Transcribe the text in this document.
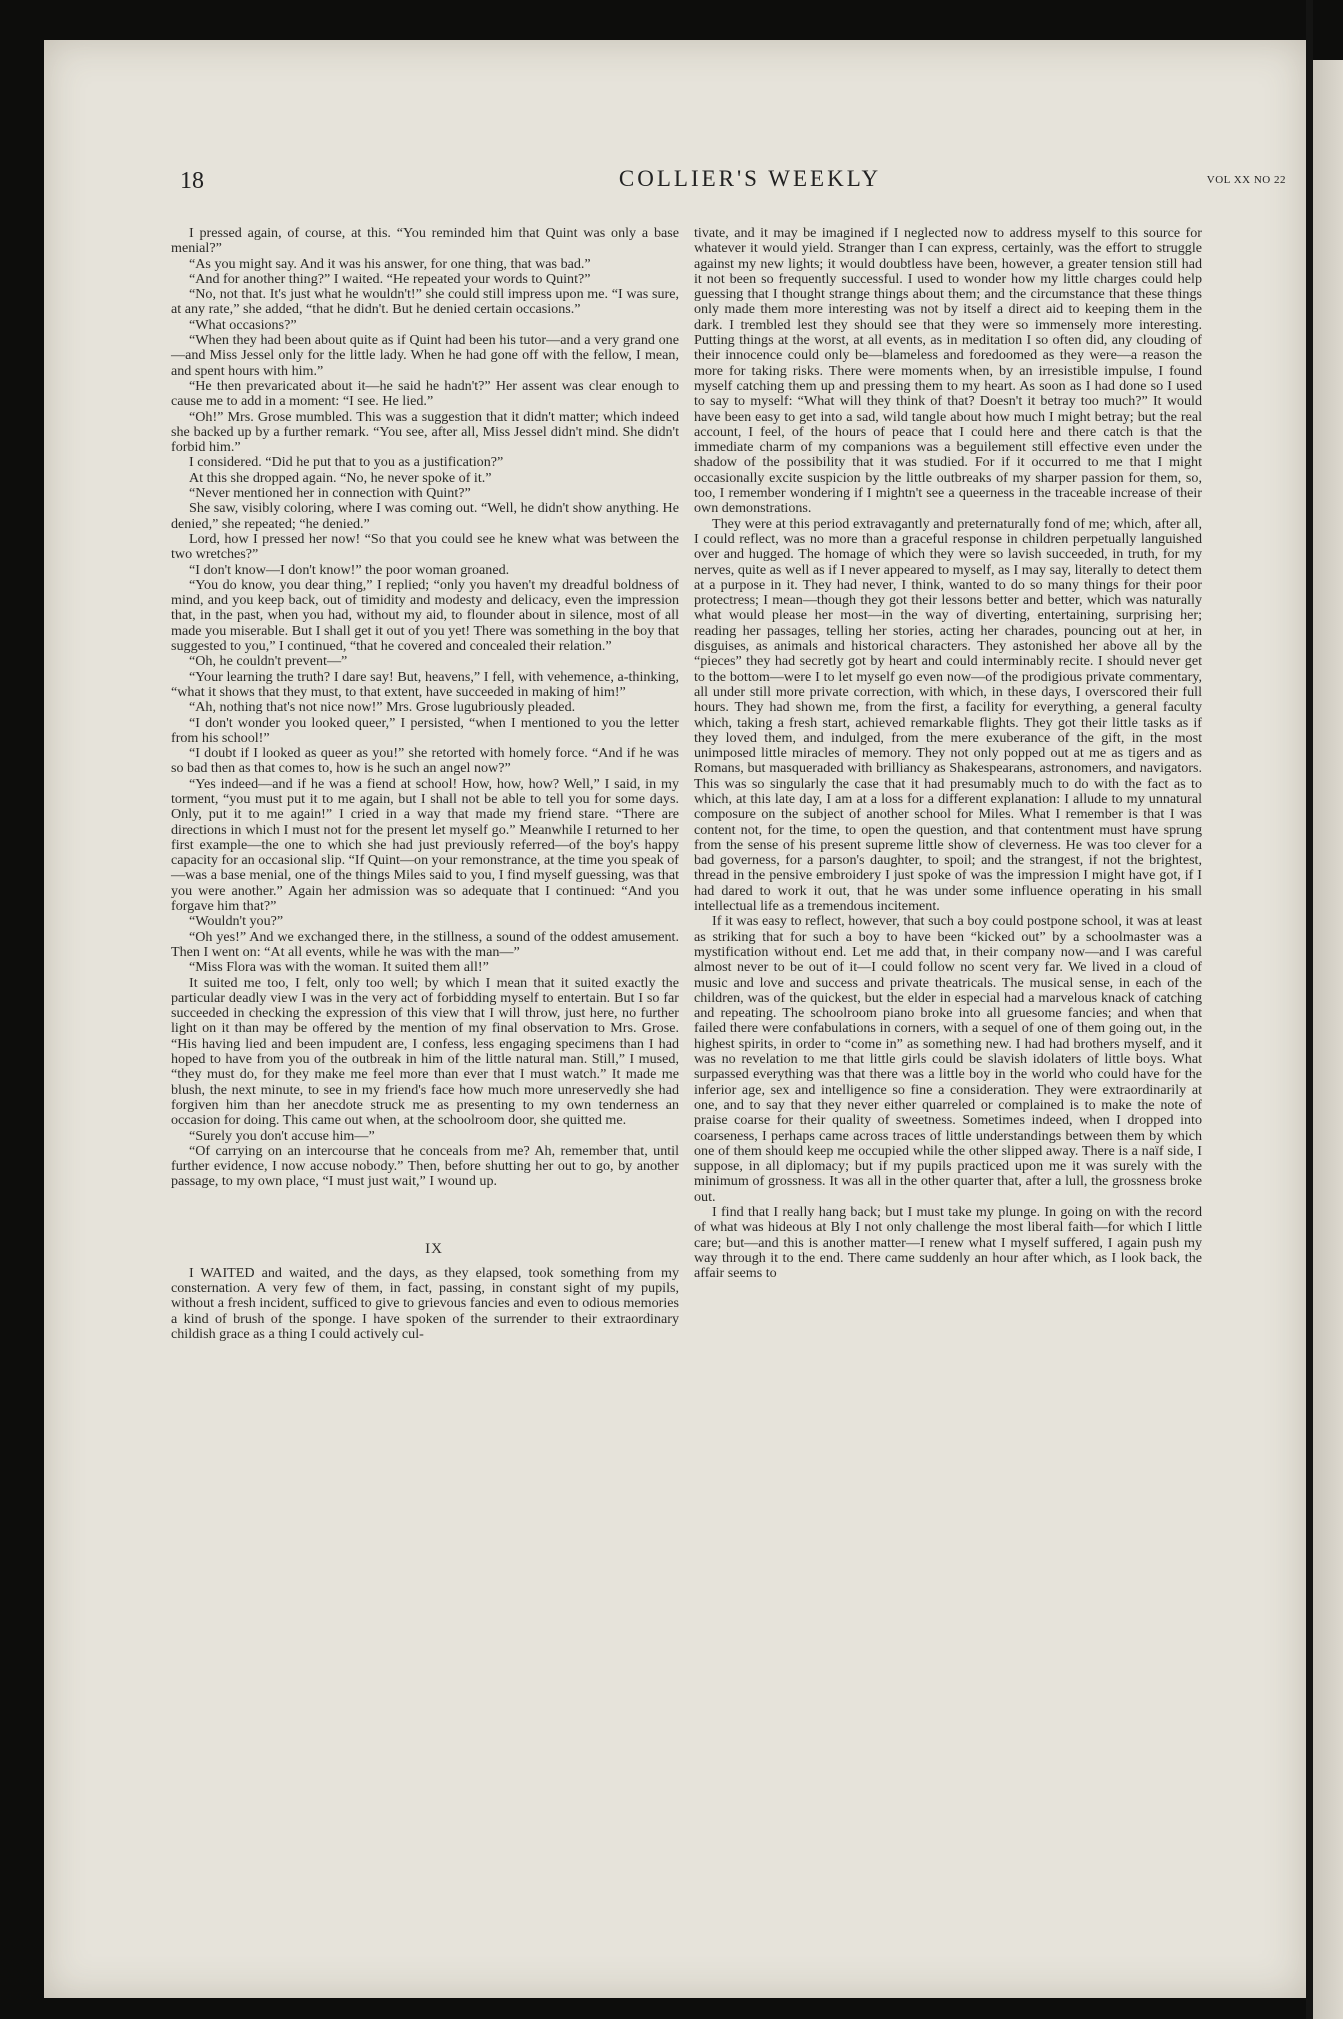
18	COLLIER'S WEEKLY	VOL XX NO 22

I pressed again, of course, at this. “You reminded him that Quint was only a base menial?”

“As you might say. And it was his answer, for one thing, that was bad.”

“And for another thing?” I waited. “He repeated your words to Quint?”

“No, not that. It's just what he wouldn't!” she could still impress upon me. “I was sure, at any rate,” she added, “that he didn't. But he denied certain occasions.”

“What occasions?”

“When they had been about quite as if Quint had been his tutor—and a very grand one—and Miss Jessel only for the little lady. When he had gone off with the fellow, I mean, and spent hours with him.”

“He then prevaricated about it—he said he hadn't?” Her assent was clear enough to cause me to add in a moment: “I see. He lied.”

“Oh!” Mrs. Grose mumbled. This was a suggestion that it didn't matter; which indeed she backed up by a further remark. “You see, after all, Miss Jessel didn't mind. She didn't forbid him.”

I considered. “Did he put that to you as a justification?”

At this she dropped again. “No, he never spoke of it.”

“Never mentioned her in connection with Quint?”

She saw, visibly coloring, where I was coming out. “Well, he didn't show anything. He denied,” she repeated; “he denied.”

Lord, how I pressed her now! “So that you could see he knew what was between the two wretches?”

“I don't know—I don't know!” the poor woman groaned.

“You do know, you dear thing,” I replied; “only you haven't my dreadful boldness of mind, and you keep back, out of timidity and modesty and delicacy, even the impression that, in the past, when you had, without my aid, to flounder about in silence, most of all made you miserable. But I shall get it out of you yet! There was something in the boy that suggested to you,” I continued, “that he covered and concealed their relation.”

“Oh, he couldn't prevent—”

“Your learning the truth? I dare say! But, heavens,” I fell, with vehemence, a-thinking, “what it shows that they must, to that extent, have succeeded in making of him!”

“Ah, nothing that's not nice now!” Mrs. Grose lugubriously pleaded.

“I don't wonder you looked queer,” I persisted, “when I mentioned to you the letter from his school!”

“I doubt if I looked as queer as you!” she retorted with homely force. “And if he was so bad then as that comes to, how is he such an angel now?”

“Yes indeed—and if he was a fiend at school! How, how, how? Well,” I said, in my torment, “you must put it to me again, but I shall not be able to tell you for some days. Only, put it to me again!” I cried in a way that made my friend stare. “There are directions in which I must not for the present let myself go.” Meanwhile I returned to her first example—the one to which she had just previously referred—of the boy's happy capacity for an occasional slip. “If Quint—on your remonstrance, at the time you speak of—was a base menial, one of the things Miles said to you, I find myself guessing, was that you were another.” Again her admission was so adequate that I continued: “And you forgave him that?”

“Wouldn't you?”

“Oh yes!” And we exchanged there, in the stillness, a sound of the oddest amusement. Then I went on: “At all events, while he was with the man—”

“Miss Flora was with the woman. It suited them all!”

It suited me too, I felt, only too well; by which I mean that it suited exactly the particular deadly view I was in the very act of forbidding myself to entertain. But I so far succeeded in checking the expression of this view that I will throw, just here, no further light on it than may be offered by the mention of my final observation to Mrs. Grose. “His having lied and been impudent are, I confess, less engaging specimens than I had hoped to have from you of the outbreak in him of the little natural man. Still,” I mused, “they must do, for they make me feel more than ever that I must watch.” It made me blush, the next minute, to see in my friend's face how much more unreservedly she had forgiven him than her anecdote struck me as presenting to my own tenderness an occasion for doing. This came out when, at the schoolroom door, she quitted me.

“Surely you don't accuse him—”

“Of carrying on an intercourse that he conceals from me? Ah, remember that, until further evidence, I now accuse nobody.” Then, before shutting her out to go, by another passage, to my own place, “I must just wait,” I wound up.

IX

I WAITED and waited, and the days, as they elapsed, took something from my consternation. A very few of them, in fact, passing, in constant sight of my pupils, without a fresh incident, sufficed to give to grievous fancies and even to odious memories a kind of brush of the sponge. I have spoken of the surrender to their extraordinary childish grace as a thing I could actively cul-

tivate, and it may be imagined if I neglected now to address myself to this source for whatever it would yield. Stranger than I can express, certainly, was the effort to struggle against my new lights; it would doubtless have been, however, a greater tension still had it not been so frequently successful. I used to wonder how my little charges could help guessing that I thought strange things about them; and the circumstance that these things only made them more interesting was not by itself a direct aid to keeping them in the dark. I trembled lest they should see that they were so immensely more interesting. Putting things at the worst, at all events, as in meditation I so often did, any clouding of their innocence could only be—blameless and foredoomed as they were—a reason the more for taking risks. There were moments when, by an irresistible impulse, I found myself catching them up and pressing them to my heart. As soon as I had done so I used to say to myself: “What will they think of that? Doesn't it betray too much?” It would have been easy to get into a sad, wild tangle about how much I might betray; but the real account, I feel, of the hours of peace that I could here and there catch is that the immediate charm of my companions was a beguilement still effective even under the shadow of the possibility that it was studied. For if it occurred to me that I might occasionally excite suspicion by the little outbreaks of my sharper passion for them, so, too, I remember wondering if I mightn't see a queerness in the traceable increase of their own demonstrations.

They were at this period extravagantly and preternaturally fond of me; which, after all, I could reflect, was no more than a graceful response in children perpetually languished over and hugged. The homage of which they were so lavish succeeded, in truth, for my nerves, quite as well as if I never appeared to myself, as I may say, literally to detect them at a purpose in it. They had never, I think, wanted to do so many things for their poor protectress; I mean—though they got their lessons better and better, which was naturally what would please her most—in the way of diverting, entertaining, surprising her; reading her passages, telling her stories, acting her charades, pouncing out at her, in disguises, as animals and historical characters. They astonished her above all by the “pieces” they had secretly got by heart and could interminably recite. I should never get to the bottom—were I to let myself go even now—of the prodigious private commentary, all under still more private correction, with which, in these days, I overscored their full hours. They had shown me, from the first, a facility for everything, a general faculty which, taking a fresh start, achieved remarkable flights. They got their little tasks as if they loved them, and indulged, from the mere exuberance of the gift, in the most unimposed little miracles of memory. They not only popped out at me as tigers and as Romans, but masqueraded with brilliancy as Shakespearans, astronomers, and navigators. This was so singularly the case that it had presumably much to do with the fact as to which, at this late day, I am at a loss for a different explanation: I allude to my unnatural composure on the subject of another school for Miles. What I remember is that I was content not, for the time, to open the question, and that contentment must have sprung from the sense of his present supreme little show of cleverness. He was too clever for a bad governess, for a parson's daughter, to spoil; and the strangest, if not the brightest, thread in the pensive embroidery I just spoke of was the impression I might have got, if I had dared to work it out, that he was under some influence operating in his small intellectual life as a tremendous incitement.

If it was easy to reflect, however, that such a boy could postpone school, it was at least as striking that for such a boy to have been “kicked out” by a schoolmaster was a mystification without end. Let me add that, in their company now—and I was careful almost never to be out of it—I could follow no scent very far. We lived in a cloud of music and love and success and private theatricals. The musical sense, in each of the children, was of the quickest, but the elder in especial had a marvelous knack of catching and repeating. The schoolroom piano broke into all gruesome fancies; and when that failed there were confabulations in corners, with a sequel of one of them going out, in the highest spirits, in order to “come in” as something new. I had had brothers myself, and it was no revelation to me that little girls could be slavish idolaters of little boys. What surpassed everything was that there was a little boy in the world who could have for the inferior age, sex and intelligence so fine a consideration. They were extraordinarily at one, and to say that they never either quarreled or complained is to make the note of praise coarse for their quality of sweetness. Sometimes indeed, when I dropped into coarseness, I perhaps came across traces of little understandings between them by which one of them should keep me occupied while the other slipped away. There is a naïf side, I suppose, in all diplomacy; but if my pupils practiced upon me it was surely with the minimum of grossness. It was all in the other quarter that, after a lull, the grossness broke out.

I find that I really hang back; but I must take my plunge. In going on with the record of what was hideous at Bly I not only challenge the most liberal faith—for which I little care; but—and this is another matter—I renew what I myself suffered, I again push my way through it to the end. There came suddenly an hour after which, as I look back, the affair seems to
